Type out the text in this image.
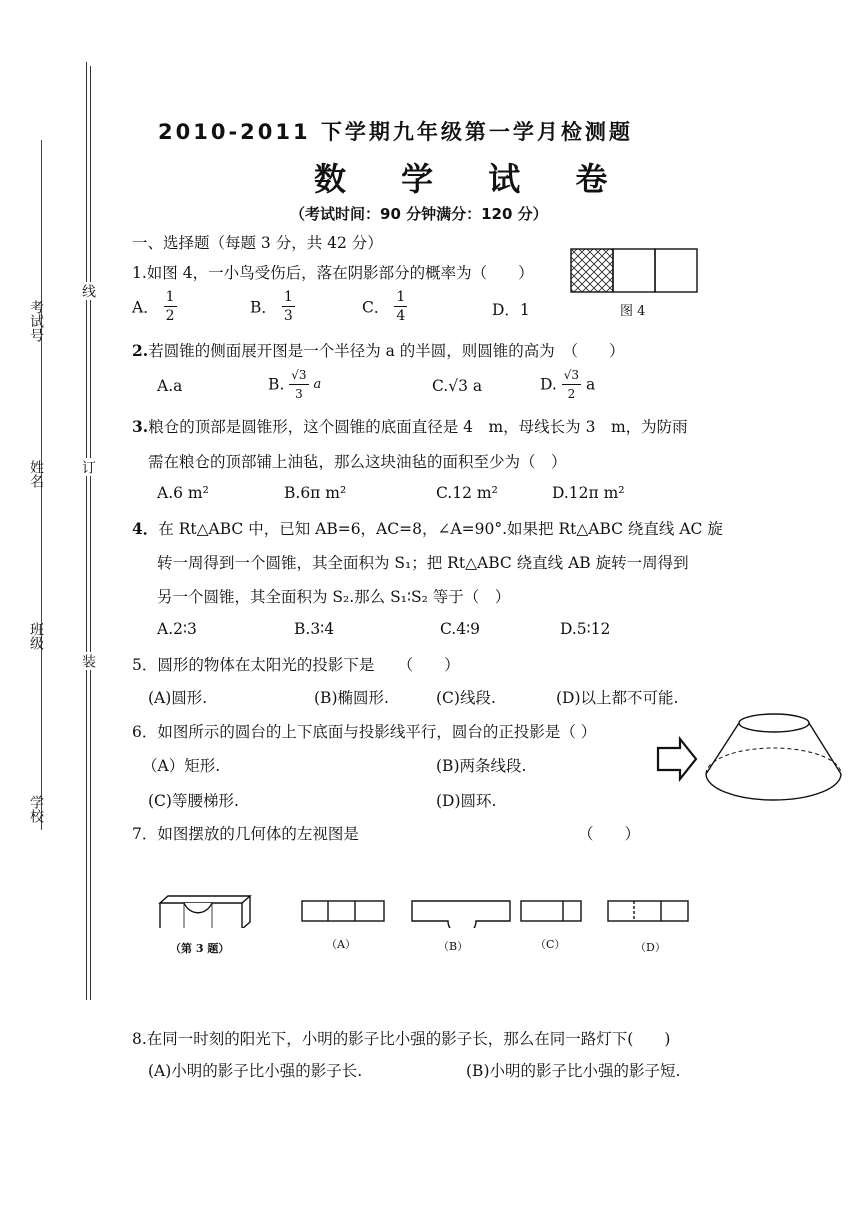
考试号
姓名
班级
学校
线
订
装
2010-2011 下学期九年级第一学月检测题
数 学 试 卷
（考试时间：90 分钟满分：120 分）
一、选择题（每题 3 分，共 42 分）
1.如图 4，一小鸟受伤后，落在阴影部分的概率为（　　）
图 4
A． $\frac{1}{2}$	B． $\frac{1}{3}$	C． $\frac{1}{4}$	D．1
2.若圆锥的侧面展开图是一个半径为 a 的半圆，则圆锥的高为　（　　）
A.a	B. $\frac{√3}{3}$ a	C.√3 a	D. $\frac{√3}{2}$ a
3.粮仓的顶部是圆锥形，这个圆锥的底面直径是 4　m，母线长为 3　m，为防雨
需在粮仓的顶部铺上油毡，那么这块油毡的面积至少为（　）
A.6 m²	B.6π m²	C.12 m²	D.12π m²
4．在 Rt△ABC 中，已知 AB=6，AC=8，∠A=90°.如果把 Rt△ABC 绕直线 AC 旋
转一周得到一个圆锥，其全面积为 S₁；把 Rt△ABC 绕直线 AB 旋转一周得到
另一个圆锥，其全面积为 S₂.那么 S₁∶S₂ 等于（　）
A.2∶3	B.3∶4	C.4∶9	D.5∶12
5．圆形的物体在太阳光的投影下是　　（　　）
(A)圆形.	(B)椭圆形.	(C)线段.	(D)以上都不可能.
6．如图所示的圆台的上下底面与投影线平行，圆台的正投影是（ ）
（A）矩形.	(B)两条线段.
(C)等腰梯形.	(D)圆环.
7．如图摆放的几何体的左视图是	（　　）
（第 3 题）	（A）	（B）	（C）	（D）
8.在同一时刻的阳光下，小明的影子比小强的影子长，那么在同一路灯下(　　)
(A)小明的影子比小强的影子长.	(B)小明的影子比小强的影子短.
